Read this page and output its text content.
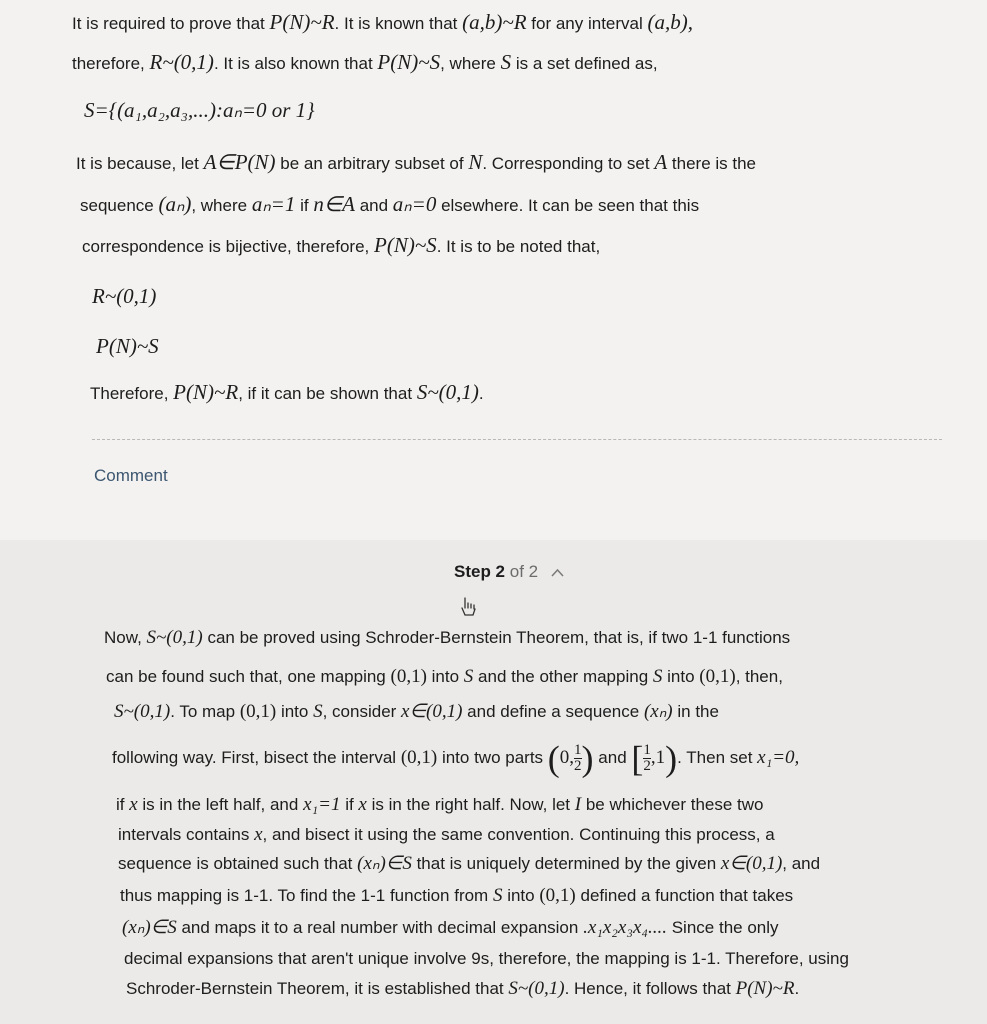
It is required to prove that P(N)~R. It is known that (a,b)~R for any interval (a,b),
therefore, R~(0,1). It is also known that P(N)~S, where S is a set defined as,
S={(a₁,a₂,a₃,...):aₙ=0 or 1}
It is because, let A∈P(N) be an arbitrary subset of N. Corresponding to set A there is the
sequence (aₙ), where aₙ=1 if n∈A and aₙ=0 elsewhere. It can be seen that this
correspondence is bijective, therefore, P(N)~S. It is to be noted that,
R~(0,1)
P(N)~S
Therefore, P(N)~R, if it can be shown that S~(0,1).
Comment
Step 2 of 2
Now, S~(0,1) can be proved using Schroder-Bernstein Theorem, that is, if two 1-1 functions
can be found such that, one mapping (0,1) into S and the other mapping S into (0,1), then,
S~(0,1). To map (0,1) into S, consider x∈(0,1) and define a sequence (xₙ) in the
following way. First, bisect the interval (0,1) into two parts (0, $\frac{1}{2}$ ) and [ $\frac{1}{2} ,1$). Then set x₁=0,
if x is in the left half, and x₁=1 if x is in the right half. Now, let I be whichever these two
intervals contains x, and bisect it using the same convention. Continuing this process, a
sequence is obtained such that (xₙ)∈S that is uniquely determined by the given x∈(0,1), and
thus mapping is 1-1. To find the 1-1 function from S into (0,1) defined a function that takes
(xₙ)∈S and maps it to a real number with decimal expansion .x₁x₂x₃x₄.... Since the only
decimal expansions that aren't unique involve 9s, therefore, the mapping is 1-1. Therefore, using
Schroder-Bernstein Theorem, it is established that S~(0,1). Hence, it follows that P(N)~R.
